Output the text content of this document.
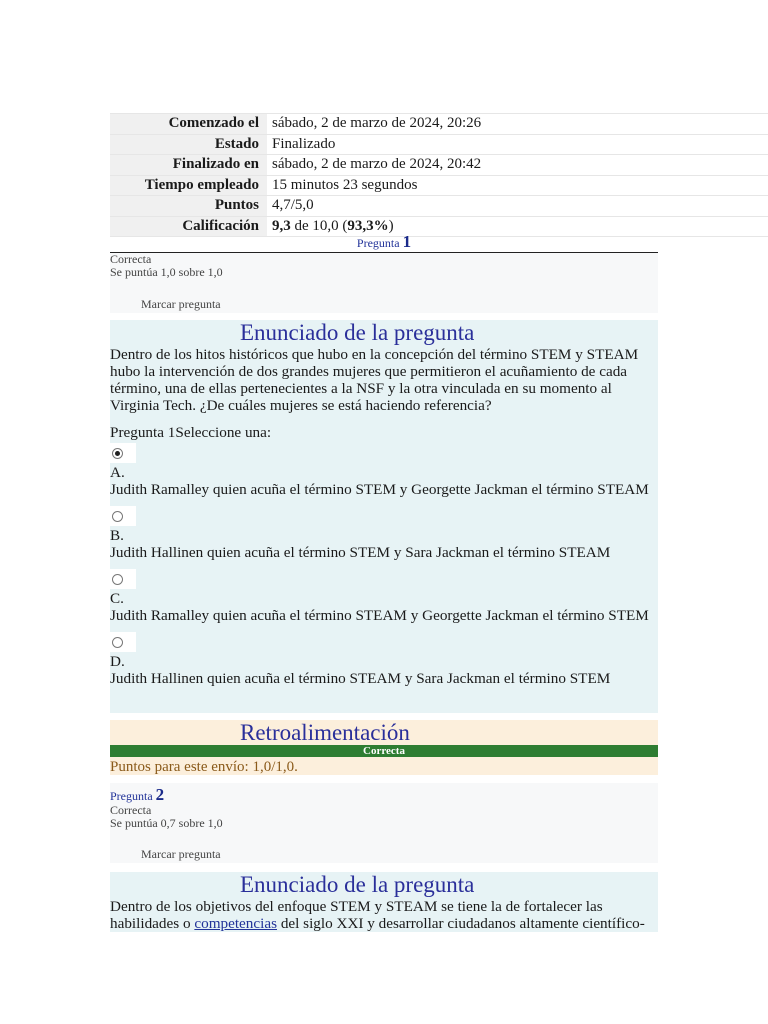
Comenzado el sábado, 2 de marzo de 2024, 20:26
Estado Finalizado
Finalizado en sábado, 2 de marzo de 2024, 20:42
Tiempo empleado 15 minutos 23 segundos
Puntos 4,7/5,0
Calificación 9,3 de 10,0 (93,3%)
Pregunta 1
Correcta
Se puntúa 1,0 sobre 1,0
Marcar pregunta
Enunciado de la pregunta
Dentro de los hitos históricos que hubo en la concepción del término STEM y STEAM hubo la intervención de dos grandes mujeres que permitieron el acuñamiento de cada término, una de ellas pertenecientes a la NSF y la otra vinculada en su momento al Virginia Tech. ¿De cuáles mujeres se está haciendo referencia?
Pregunta 1Seleccione una:
A.
Judith Ramalley quien acuña el término STEM y Georgette Jackman el término STEAM
B.
Judith Hallinen quien acuña el término STEM y Sara Jackman el término STEAM
C.
Judith Ramalley quien acuña el término STEAM y Georgette Jackman el término STEM
D.
Judith Hallinen quien acuña el término STEAM y Sara Jackman el término STEM
Retroalimentación
Correcta
Puntos para este envío: 1,0/1,0.
Pregunta 2
Correcta
Se puntúa 0,7 sobre 1,0
Marcar pregunta
Enunciado de la pregunta
Dentro de los objetivos del enfoque STEM y STEAM se tiene la de fortalecer las habilidades o competencias del siglo XXI y desarrollar ciudadanos altamente científico-
